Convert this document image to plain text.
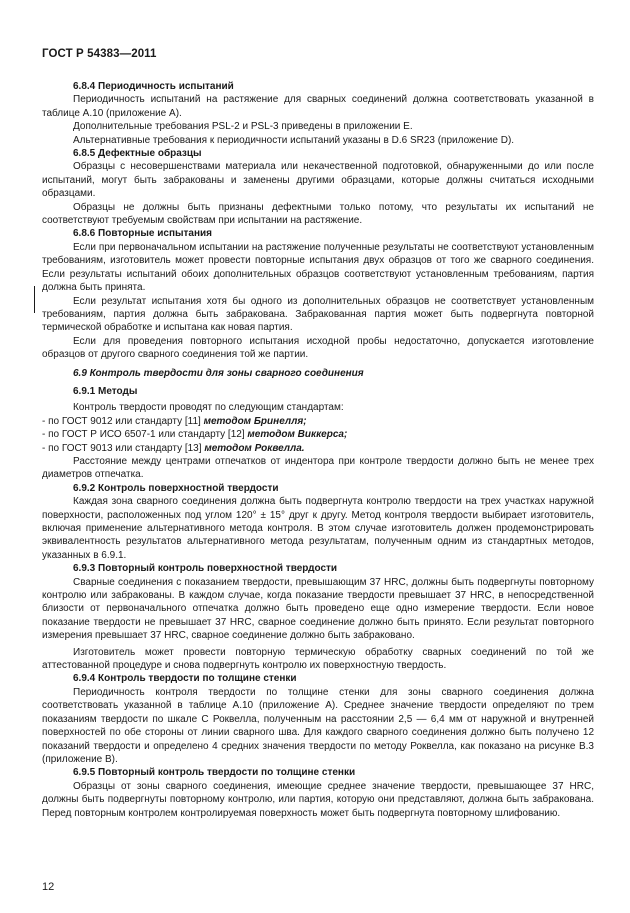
ГОСТ Р 54383—2011

6.8.4 Периодичность испытаний

Периодичность испытаний на растяжение для сварных соединений должна соответствовать указанной в таблице А.10 (приложение А).

Дополнительные требования PSL-2 и PSL-3 приведены в приложении Е.

Альтернативные требования к периодичности испытаний указаны в D.6 SR23 (приложение D).

6.8.5 Дефектные образцы

Образцы с несовершенствами материала или некачественной подготовкой, обнаруженными до или после испытаний, могут быть забракованы и заменены другими образцами, которые должны считаться исходными образцами.

Образцы не должны быть признаны дефектными только потому, что результаты их испытаний не соответствуют требуемым свойствам при испытании на растяжение.

6.8.6 Повторные испытания

Если при первоначальном испытании на растяжение полученные результаты не соответствуют установленным требованиям, изготовитель может провести повторные испытания двух образцов от того же сварного соединения. Если результаты испытаний обоих дополнительных образцов соответствуют установленным требованиям, партия должна быть принята.

Если результат испытания хотя бы одного из дополнительных образцов не соответствует установленным требованиям, партия должна быть забракована. Забракованная партия может быть подвергнута повторной термической обработке и испытана как новая партия.

Если для проведения повторного испытания исходной пробы недостаточно, допускается изготовление образцов от другого сварного соединения той же партии.

6.9 Контроль твердости для зоны сварного соединения

6.9.1 Методы

Контроль твердости проводят по следующим стандартам:

- по ГОСТ 9012 или стандарту [11] методом Бринелля;

- по ГОСТ Р ИСО 6507-1 или стандарту [12] методом Виккерса;

- по ГОСТ 9013 или стандарту [13] методом Роквелла.

Расстояние между центрами отпечатков от индентора при контроле твердости должно быть не менее трех диаметров отпечатка.

6.9.2 Контроль поверхностной твердости

Каждая зона сварного соединения должна быть подвергнута контролю твердости на трех участках наружной поверхности, расположенных под углом 120° ± 15° друг к другу. Метод контроля твердости выбирает изготовитель, включая применение альтернативного метода контроля. В этом случае изготовитель должен продемонстрировать эквивалентность результатов альтернативного метода результатам, полученным одним из стандартных методов, указанных в 6.9.1.

6.9.3 Повторный контроль поверхностной твердости

Сварные соединения с показанием твердости, превышающим 37 HRC, должны быть подвергнуты повторному контролю или забракованы. В каждом случае, когда показание твердости превышает 37 HRC, в непосредственной близости от первоначального отпечатка должно быть проведено еще одно измерение твердости. Если новое показание твердости не превышает 37 HRC, сварное соединение должно быть принято. Если результат повторного измерения превышает 37 HRC, сварное соединение должно быть забраковано.

Изготовитель может провести повторную термическую обработку сварных соединений по той же аттестованной процедуре и снова подвергнуть контролю их поверхностную твердость.

6.9.4 Контроль твердости по толщине стенки

Периодичность контроля твердости по толщине стенки для зоны сварного соединения должна соответствовать указанной в таблице А.10 (приложение А). Среднее значение твердости определяют по трем показаниям твердости по шкале С Роквелла, полученным на расстоянии 2,5 — 6,4 мм от наружной и внутренней поверхностей по обе стороны от линии сварного шва. Для каждого сварного соединения должно быть получено 12 показаний твердости и определено 4 средних значения твердости по методу Роквелла, как показано на рисунке В.3 (приложение В).

6.9.5 Повторный контроль твердости по толщине стенки

Образцы от зоны сварного соединения, имеющие среднее значение твердости, превышающее 37 HRC, должны быть подвергнуты повторному контролю, или партия, которую они представляют, должна быть забракована. Перед повторным контролем контролируемая поверхность может быть подвергнута повторному шлифованию.

12
